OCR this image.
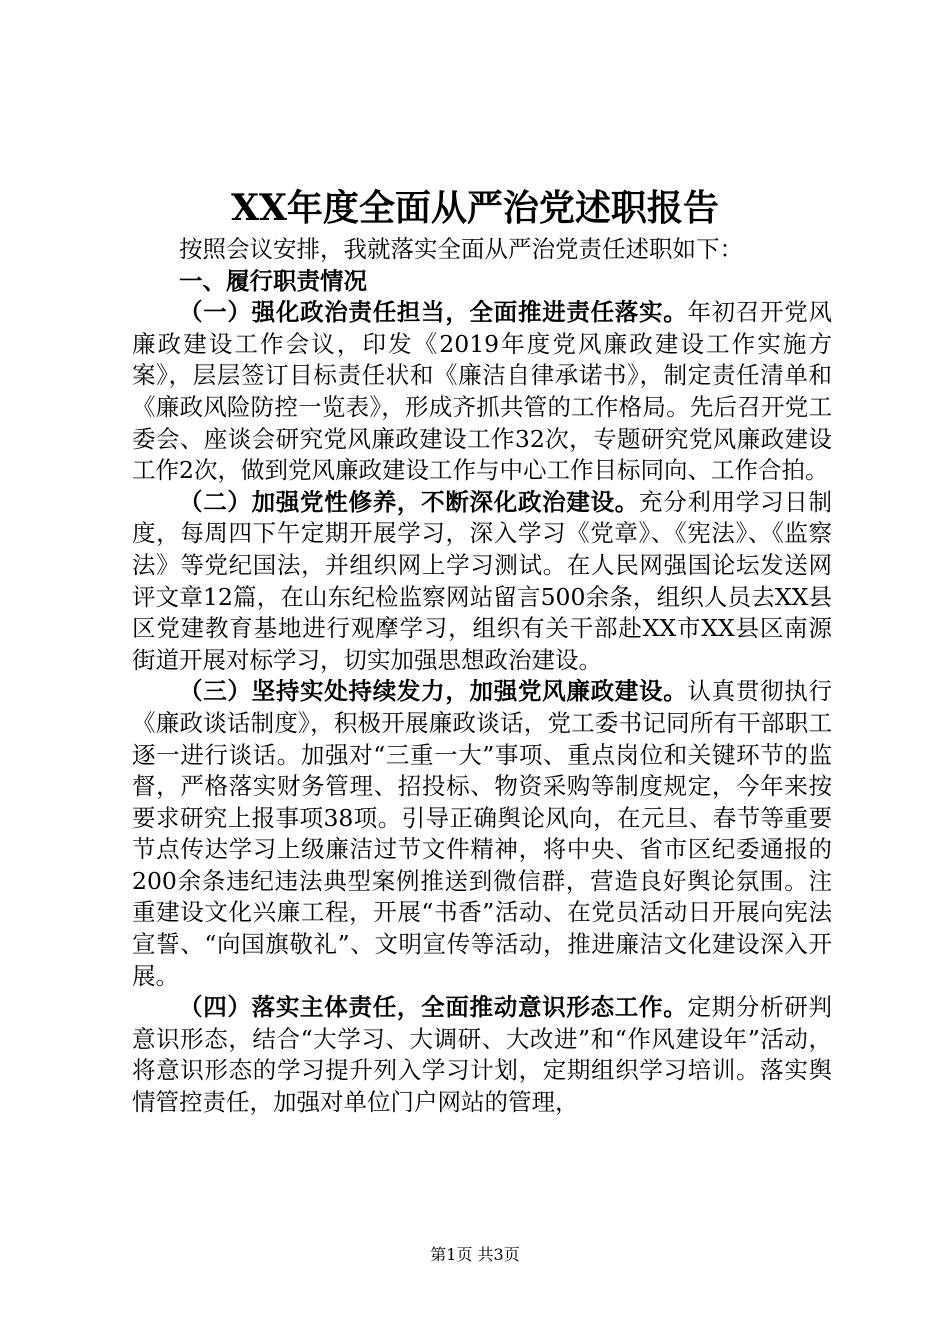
XX年度全面从严治党述职报告

按照会议安排，我就落实全面从严治党责任述职如下：

一、履行职责情况

（一）强化政治责任担当，全面推进责任落实。年初召开党风廉政建设工作会议，印发《2019年度党风廉政建设工作实施方案》，层层签订目标责任状和《廉洁自律承诺书》，制定责任清单和《廉政风险防控一览表》，形成齐抓共管的工作格局。先后召开党工委会、座谈会研究党风廉政建设工作32次，专题研究党风廉政建设工作2次，做到党风廉政建设工作与中心工作目标同向、工作合拍。

（二）加强党性修养，不断深化政治建设。充分利用学习日制度，每周四下午定期开展学习，深入学习《党章》、《宪法》、《监察法》等党纪国法，并组织网上学习测试。在人民网强国论坛发送网评文章12篇，在山东纪检监察网站留言500余条，组织人员去XX县区党建教育基地进行观摩学习，组织有关干部赴XX市XX县区南源街道开展对标学习，切实加强思想政治建设。

（三）坚持实处持续发力，加强党风廉政建设。认真贯彻执行《廉政谈话制度》，积极开展廉政谈话，党工委书记同所有干部职工逐一进行谈话。加强对“三重一大”事项、重点岗位和关键环节的监督，严格落实财务管理、招投标、物资采购等制度规定，今年来按要求研究上报事项38项。引导正确舆论风向，在元旦、春节等重要节点传达学习上级廉洁过节文件精神，将中央、省市区纪委通报的200余条违纪违法典型案例推送到微信群，营造良好舆论氛围。注重建设文化兴廉工程，开展“书香”活动、在党员活动日开展向宪法宣誓、“向国旗敬礼”、文明宣传等活动，推进廉洁文化建设深入开展。

（四）落实主体责任，全面推动意识形态工作。定期分析研判意识形态，结合“大学习、大调研、大改进”和“作风建设年”活动，将意识形态的学习提升列入学习计划，定期组织学习培训。落实舆情管控责任，加强对单位门户网站的管理，

第1页 共3页
